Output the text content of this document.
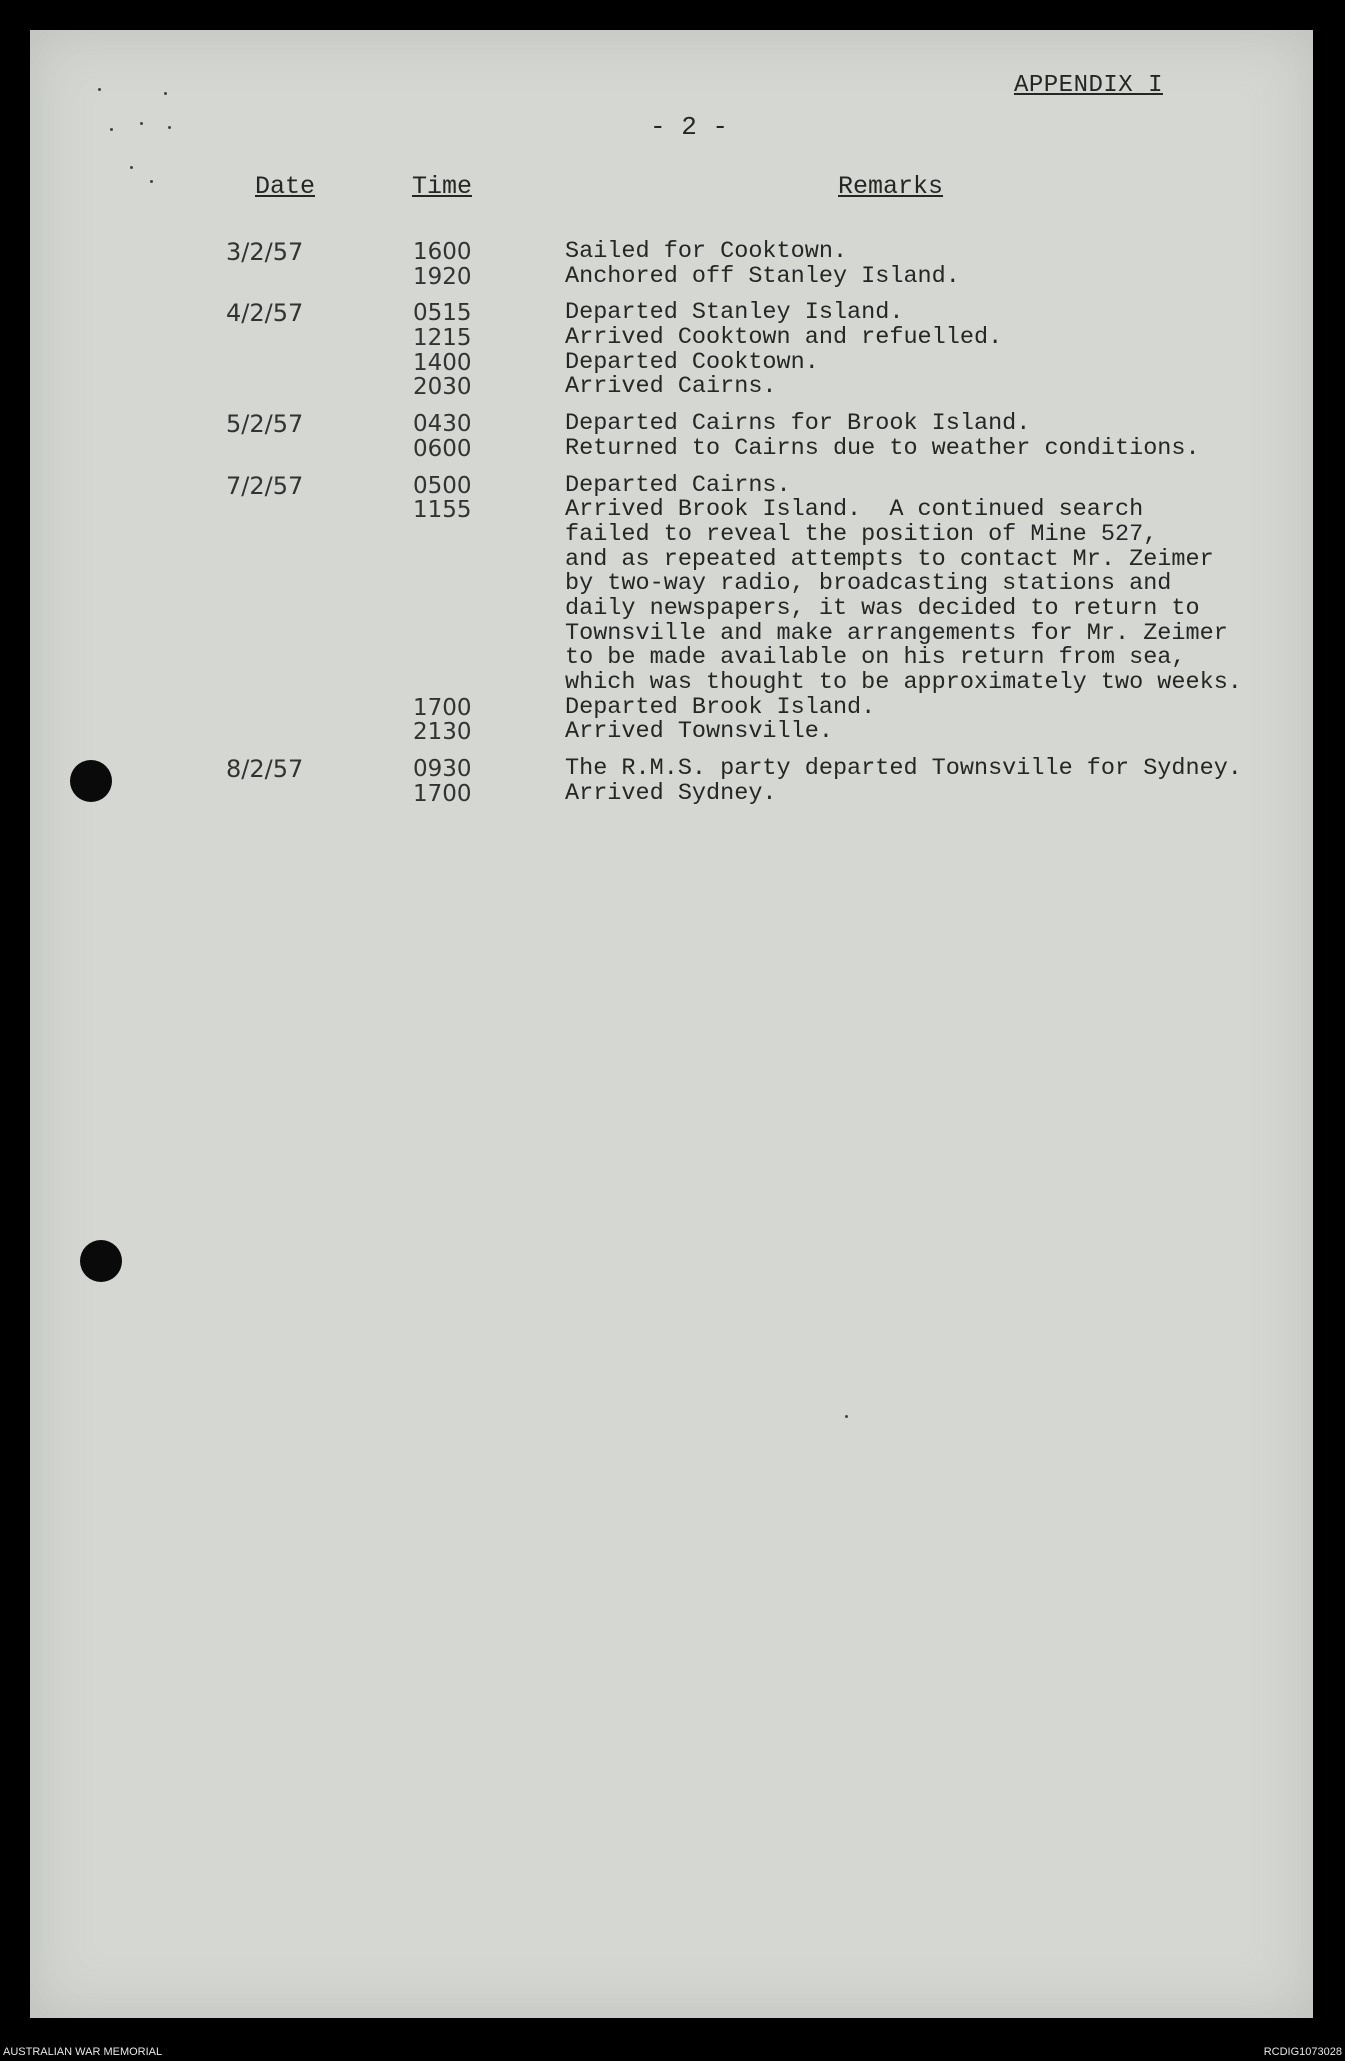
APPENDIX I
- 2 -
Date	Time	Remarks
3/2/57	1600	Sailed for Cooktown.
1920	Anchored off Stanley Island.
4/2/57	0515	Departed Stanley Island.
1215	Arrived Cooktown and refuelled.
1400	Departed Cooktown.
2030	Arrived Cairns.
5/2/57	0430	Departed Cairns for Brook Island.
0600	Returned to Cairns due to weather conditions.
7/2/57	0500	Departed Cairns.
1155	Arrived Brook Island.  A continued search
failed to reveal the position of Mine 527,
and as repeated attempts to contact Mr. Zeimer
by two-way radio, broadcasting stations and
daily newspapers, it was decided to return to
Townsville and make arrangements for Mr. Zeimer
to be made available on his return from sea,
which was thought to be approximately two weeks.
1700	Departed Brook Island.
2130	Arrived Townsville.
8/2/57	0930	The R.M.S. party departed Townsville for Sydney.
1700	Arrived Sydney.
AUSTRALIAN WAR MEMORIAL	RCDIG1073028
